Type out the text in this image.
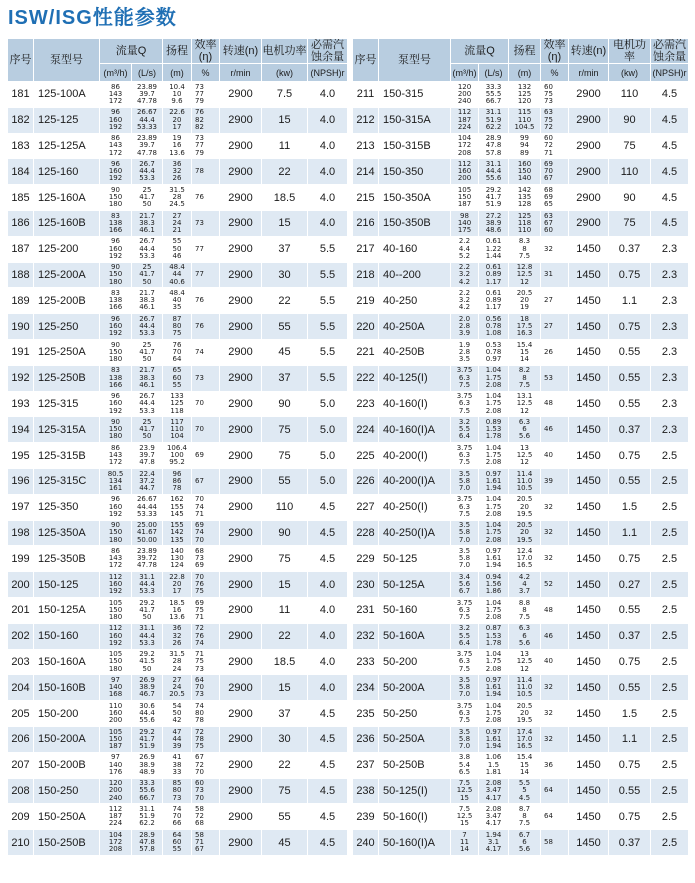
ISW/ISG性能参数
序号	泵型号	流量Q		扬程	效率(η)	转速(n)	电机功率	必需汽蚀余量
		(m³/h)	(L/s)	(m)	%	r/min	(kw)	(NPSH)r
181	125-100A	86
143
172	23.89
39.7
47.78	10.4
10
9.6	73
77
79	2900	7.5	4.0
182	125-125	96
160
192	26.67
44.4
53.33	22.6
20
17	76
82
82	2900	15	4.0
183	125-125A	86
143
172	23.89
39.7
47.78	19
16
13.6	73
77
79	2900	11	4.0
184	125-160	96
160
192	26.7
44.4
53.3	36
32
26	78	2900	22	4.0
185	125-160A	90
150
180	25
41.7
50	31.5
28
24.5	76	2900	18.5	4.0
186	125-160B	83
138
166	21.7
38.3
46.1	27
24
21	73	2900	15	4.0
187	125-200	96
160
192	26.7
44.4
53.3	55
50
46	77	2900	37	5.5
188	125-200A	90
150
180	25
41.7
50	48.4
44
40.6	77	2900	30	5.5
189	125-200B	83
138
166	21.7
38.3
46.1	48.4
40
35	76	2900	22	5.5
190	125-250	96
160
192	26.7
44.4
53.3	87
80
75	76	2900	55	5.5
191	125-250A	90
150
180	25
41.7
50	76
70
64	74	2900	45	5.5
192	125-250B	83
138
166	21.7
38.3
46.1	65
60
55	73	2900	37	5.5
193	125-315	96
160
192	26.7
44.4
53.3	133
125
118	70	2900	90	5.0
194	125-315A	90
150
180	25
41.7
50	117
110
104	70	2900	75	5.0
195	125-315B	86
143
172	23.9
39.7
47.8	106.4
100
95.2	69	2900	75	5.0
196	125-315C	80.5
134
161	22.4
37.2
44.7	96
86
78	67	2900	55	5.0
197	125-350	96
160
192	26.67
44.44
53.33	162
155
145	70
74
71	2900	110	4.5
198	125-350A	90
150
180	25.00
41.67
50.00	155
142
135	69
74
70	2900	90	4.5
199	125-350B	86
143
172	23.89
39.72
47.78	140
130
124	68
73
69	2900	75	4.5
200	150-125	112
160
192	31.1
44.4
53.3	22.8
20
17	70
76
75	2900	15	4.0
201	150-125A	105
150
180	29.2
41.7
50	18.5
16
13.6	69
75
71	2900	11	4.0
202	150-160	112
160
192	31.1
44.4
53.3	36
32
26	72
76
74	2900	22	4.0
203	150-160A	105
150
180	29.2
41.5
50	31.5
28
24	71
75
73	2900	18.5	4.0
204	150-160B	97
140
168	26.9
38.9
46.7	27
24
20.5	64
70
73	2900	15	4.0
205	150-200	110
160
200	30.6
44.4
55.6	54
50
42	74
80
78	2900	37	4.5
206	150-200A	105
150
187	29.2
41.7
51.9	47
44
39	72
78
75	2900	30	4.5
207	150-200B	97
140
176	26.9
38.9
48.9	41
38
33	67
72
70	2900	22	4.5
208	150-250	120
200
240	33.3
55.6
66.7	85
80
73	60
73
70	2900	75	4.5
209	150-250A	112
187
224	31.1
51.9
62.2	74
70
66	58
72
68	2900	55	4.5
210	150-250B	104
172
208	28.9
47.8
57.8	64
60
55	58
71
67	2900	45	4.5
序号	泵型号	流量Q		扬程	效率(η)	转速(n)	电机功率	必需汽蚀余量
		(m³/h)	(L/s)	(m)	%	r/min	(kw)	(NPSH)r
211	150-315	120
200
240	33.3
55.5
66.7	132
125
120	60
75
73	2900	110	4.5
212	150-315A	112
187
224	31.1
51.9
62.2	115
110
104.5	63
75
72	2900	90	4.5
213	150-315B	104
172
208	28.9
47.8
57.8	99
94
89	60
72
71	2900	75	4.5
214	150-350	112
160
200	31.1
44.4
55.6	160
150
140	69
70
67	2900	110	4.5
215	150-350A	105
150
187	29.2
41.7
51.9	142
135
128	68
69
65	2900	90	4.5
216	150-350B	98
140
175	27.2
38.9
48.6	125
118
110	63
67
60	2900	75	4.5
217	40-160	2.2
4.4
5.2	0.61
1.22
1.44	8.3
8
7.5	32	1450	0.37	2.3
218	40--200	2.2
3.2
4.2	0.61
0.89
1.17	12.8
12.5
12	31	1450	0.75	2.3
219	40-250	2.2
3.2
4.2	0.61
0.89
1.17	20.5
20
19	27	1450	1.1	2.3
220	40-250A	2.0
2.8
3.9	0.56
0.78
1.08	18
17.5
16.3	27	1450	0.75	2.3
221	40-250B	1.9
2.8
3.5	0.53
0.78
0.97	15.4
15
14	26	1450	0.55	2.3
222	40-125(I)	3.75
6.3
7.5	1.04
1.75
2.08	8.2
8
7.5	53	1450	0.55	2.3
223	40-160(I)	3.75
6.3
7.5	1.04
1.75
2.08	13.1
12.5
12	48	1450	0.55	2.3
224	40-160(I)A	3.2
5.5
6.4	0.89
1.53
1.78	6.3
6
5.6	46	1450	0.37	2.3
225	40-200(I)	3.75
6.3
7.5	1.04
1.75
2.08	13
12.5
12	40	1450	0.75	2.5
226	40-200(I)A	3.5
5.8
7.0	0.97
1.61
1.94	11.4
11.0
10.5	39	1450	0.55	2.5
227	40-250(I)	3.75
6.3
7.5	1.04
1.75
2.08	20.5
20
19.5	32	1450	1.5	2.5
228	40-250(I)A	3.5
5.8
7.0	1.04
1.75
2.08	20.5
20
19.5	32	1450	1.1	2.5
229	50-125	3.5
5.8
7.0	0.97
1.61
1.94	12.4
17.0
16.5	32	1450	0.75	2.5
230	50-125A	3.4
5.6
6.7	0.94
1.56
1.86	4.2
4
3.7	52	1450	0.27	2.5
231	50-160	3.75
6.3
7.5	1.04
1.75
2.08	8.8
8
7.5	48	1450	0.55	2.5
232	50-160A	3.2
5.5
6.4	0.87
1.53
1.78	6.3
6
5.6	46	1450	0.37	2.5
233	50-200	3.75
6.3
7.5	1.04
1.75
2.08	13
12.5
12	40	1450	0.75	2.5
234	50-200A	3.5
5.8
7.0	0.97
1.61
1.94	11.4
11.0
10.5	32	1450	0.55	2.5
235	50-250	3.75
6.3
7.5	1.04
1.75
2.08	20.5
20
19.5	32	1450	1.5	2.5
236	50-250A	3.5
5.8
7.0	0.97
1.61
1.94	17.4
17.0
16.5	32	1450	1.1	2.5
237	50-250B	3.8
5.4
6.5	1.06
1.5
1.81	15.4
15
14	36	1450	0.75	2.5
238	50-125(I)	7.5
12.5
15	2.08
3.47
4.17	5.5
5
4.5	64	1450	0.55	2.5
239	50-160(I)	7.5
12.5
15	2.08
3.47
4.17	8.7
8
7.5	64	1450	0.75	2.5
240	50-160(I)A	7
11
14	1.94
3.1
4.17	6.7
6
5.6	58	1450	0.37	2.5
